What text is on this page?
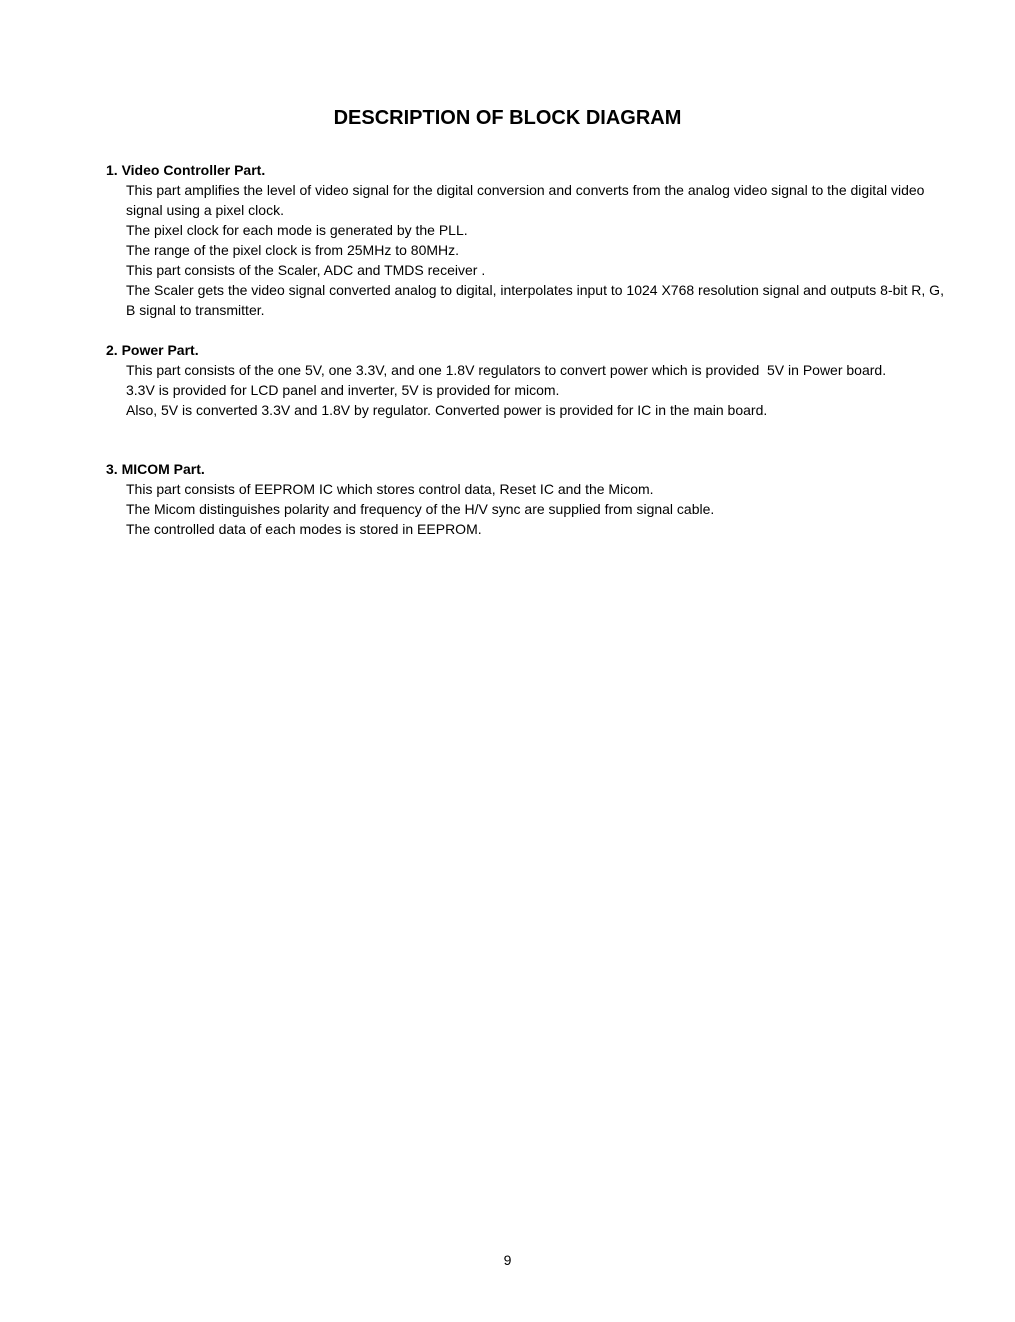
DESCRIPTION OF BLOCK DIAGRAM

1. Video Controller Part.

This part amplifies the level of video signal for the digital conversion and converts from the analog video signal to the digital video signal using a pixel clock.

The pixel clock for each mode is generated by the PLL.

The range of the pixel clock is from 25MHz to 80MHz.

This part consists of the Scaler, ADC and TMDS receiver .

The Scaler gets the video signal converted analog to digital, interpolates input to 1024 X768 resolution signal and outputs 8-bit R, G, B signal to transmitter.

2. Power Part.

This part consists of the one 5V, one 3.3V, and one 1.8V regulators to convert power which is provided  5V in Power board.

3.3V is provided for LCD panel and inverter, 5V is provided for micom.

Also, 5V is converted 3.3V and 1.8V by regulator. Converted power is provided for IC in the main board.

3. MICOM Part.

This part consists of EEPROM IC which stores control data, Reset IC and the Micom.

The Micom distinguishes polarity and frequency of the H/V sync are supplied from signal cable.

The controlled data of each modes is stored in EEPROM.

9
